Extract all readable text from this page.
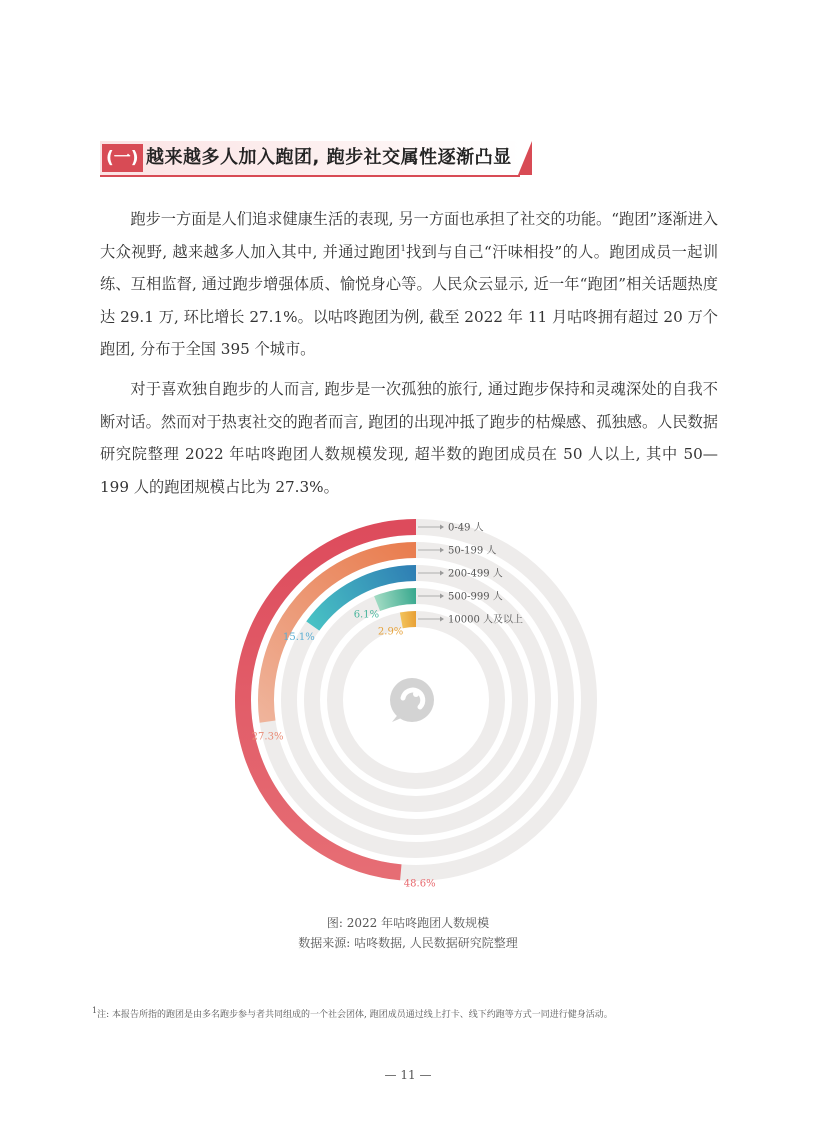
(一) 越来越多人加入跑团, 跑步社交属性逐渐凸显

跑步一方面是人们追求健康生活的表现, 另一方面也承担了社交的功能。“跑团”逐渐进入大众视野, 越来越多人加入其中, 并通过跑团$^1$找到与自己“汗味相投”的人。跑团成员一起训练、互相监督, 通过跑步增强体质、愉悦身心等。人民众云显示, 近一年“跑团”相关话题热度达 29.1 万, 环比增长 27.1%。以咕咚跑团为例, 截至 2022 年 11 月咕咚拥有超过 20 万个跑团, 分布于全国 395 个城市。

对于喜欢独自跑步的人而言, 跑步是一次孤独的旅行, 通过跑步保持和灵魂深处的自我不断对话。然而对于热衷社交的跑者而言, 跑团的出现冲抵了跑步的枯燥感、孤独感。人民数据研究院整理 2022 年咕咚跑团人数规模发现, 超半数的跑团成员在 50 人以上, 其中 50—199 人的跑团规模占比为 27.3%。

0-49 人
50-199 人
200-499 人
500-999 人
10000 人及以上
48.6%
27.3%
15.1%
6.1%
2.9%
图: 2022 年咕咚跑团人数规模
数据来源: 咕咚数据, 人民数据研究院整理
$^1$注: 本报告所指的跑团是由多名跑步参与者共同组成的一个社会团体, 跑团成员通过线上打卡、线下约跑等方式一同进行健身活动。
— 11 —
